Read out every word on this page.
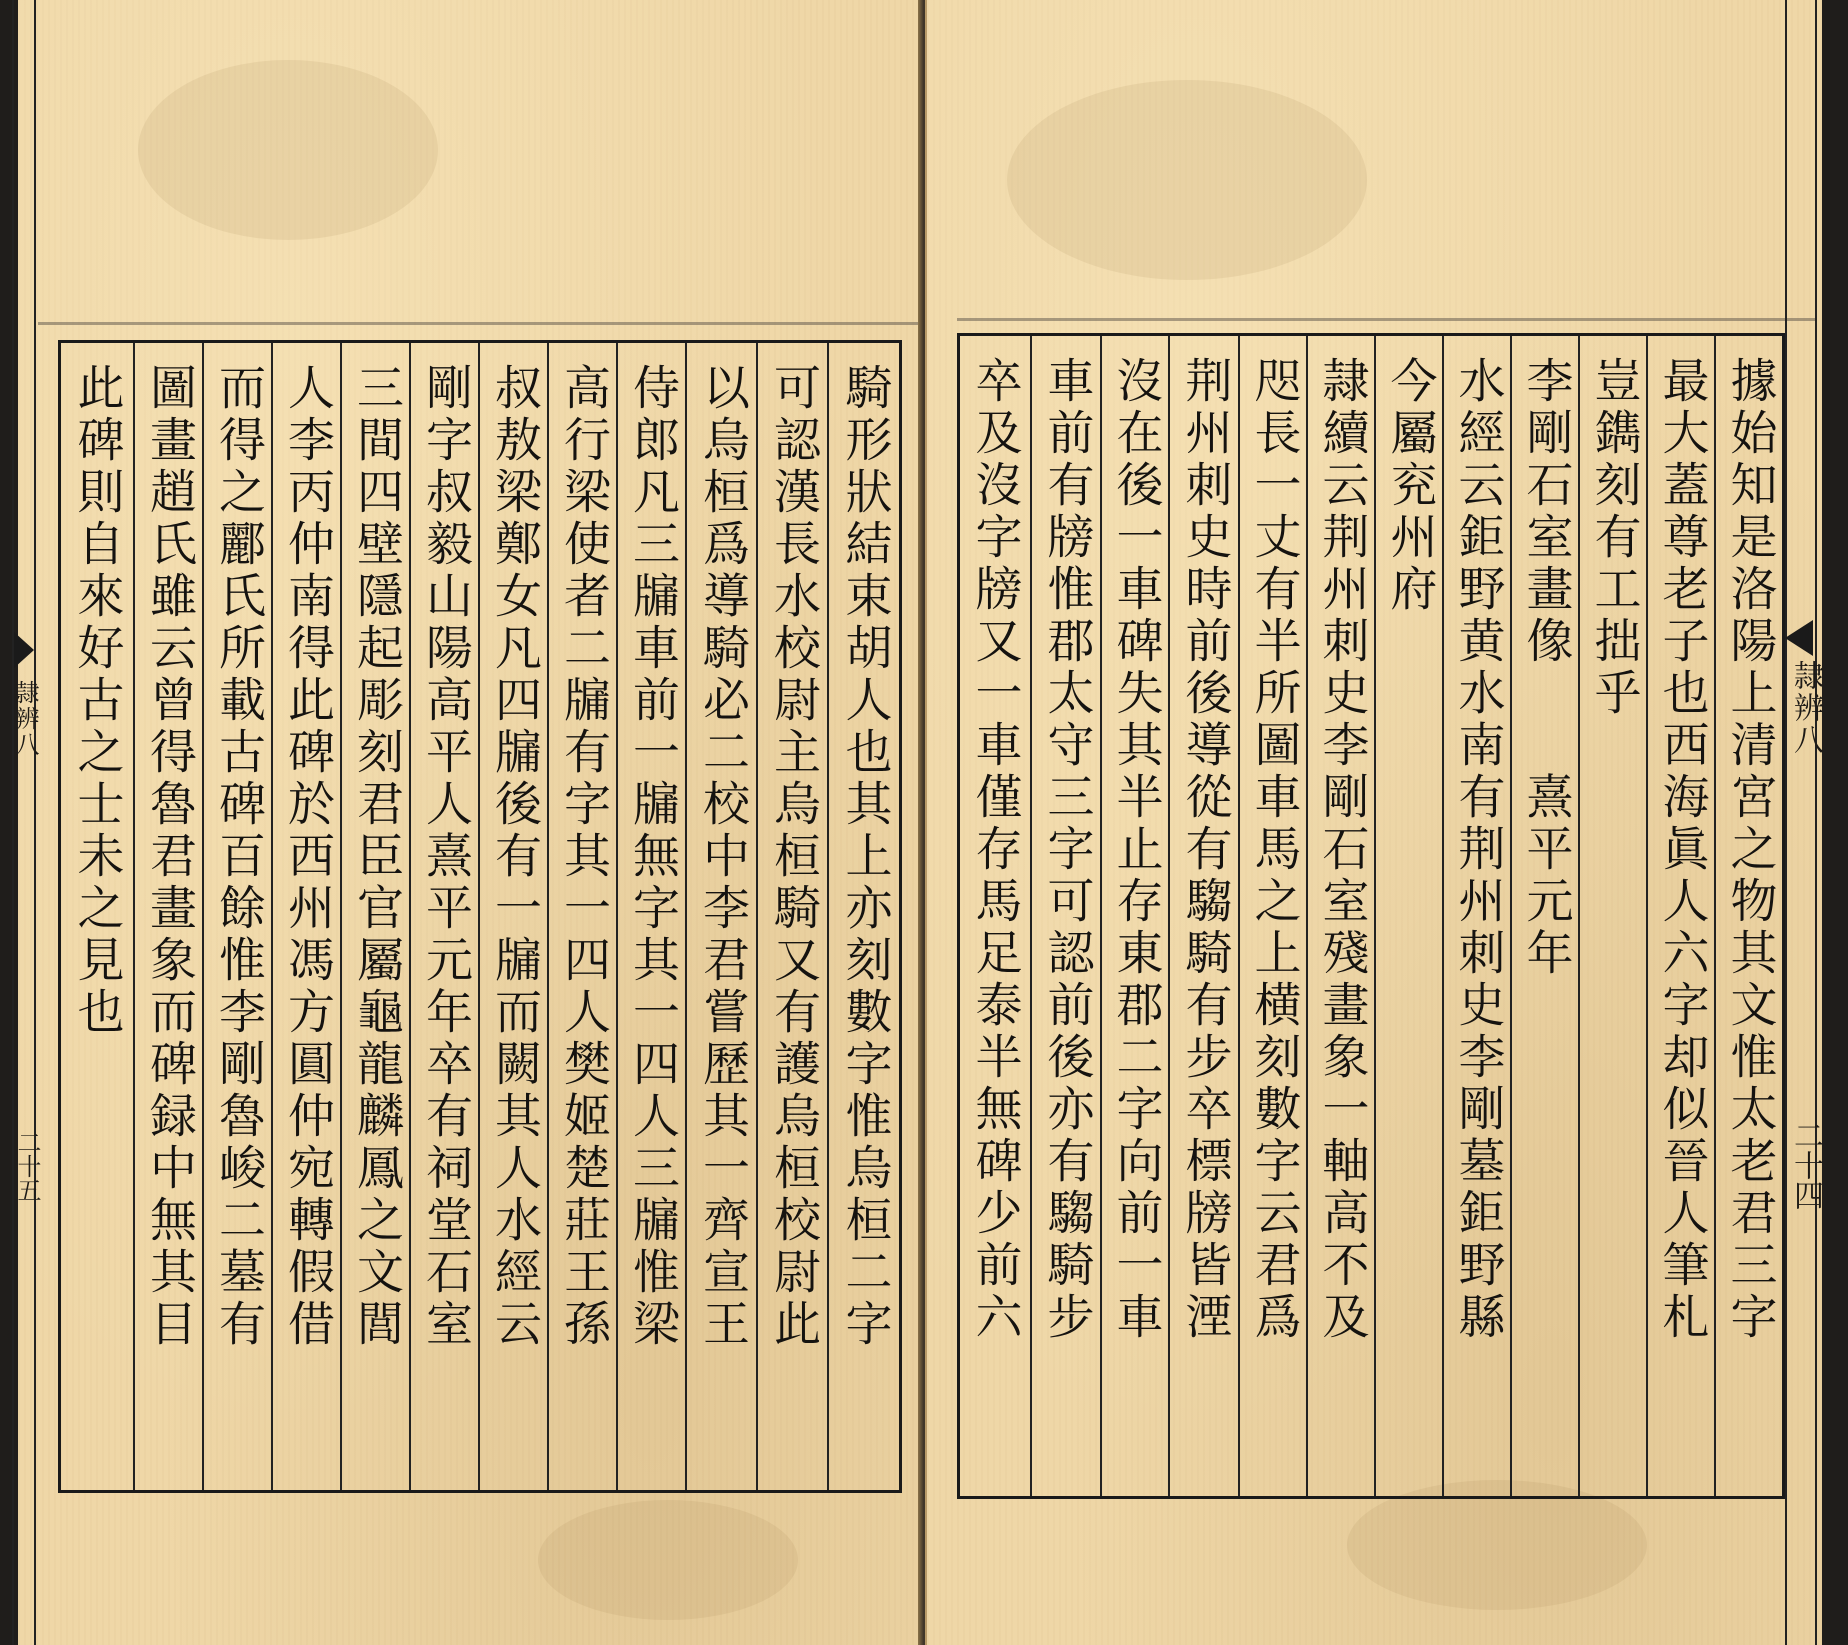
此碑則自來好古之士未之見也 圖畫趙氏雖云曾得魯君畫象而碑録中無其目 而得之酈氏所載古碑百餘惟李剛魯峻二墓有 人李丙仲南得此碑於西州馮方圓仲宛轉假借 三間四壁隱起彫刻君臣官屬龜龍麟鳳之文閭 剛字叔毅山陽高平人熹平元年卒有祠堂石室 叔敖梁鄭女凡四牖後有一牖而闕其人水經云 高行梁使者二牖有字其一四人樊姬楚莊王孫 侍郎凡三牖車前一牖無字其一四人三牖惟梁 以烏桓爲導騎必二校中李君嘗歷其一齊宣王 可認漢長水校尉主烏桓騎又有護烏桓校尉此 騎形狀結束胡人也其上亦刻數字惟烏桓二字
隷辨八
二十五	卒及沒字牓又一車僅存馬足泰半無碑少前六 車前有牓惟郡太守三字可認前後亦有騶騎步 沒在後一車碑失其半止存東郡二字向前一車 荆州刺史時前後導從有騶騎有步卒標牓皆湮 咫長一丈有半所圖車馬之上横刻數字云君爲 隷續云荆州刺史李剛石室殘畫象一軸高不及 今屬兖州府 水經云鉅野黄水南有荆州刺史李剛墓鉅野縣 李剛石室畫像　　熹平元年 豈鐫刻有工拙乎 最大蓋尊老子也西海眞人六字却似晉人筆札 據始知是洛陽上清宮之物其文惟太老君三字 隷辨八
二十四
